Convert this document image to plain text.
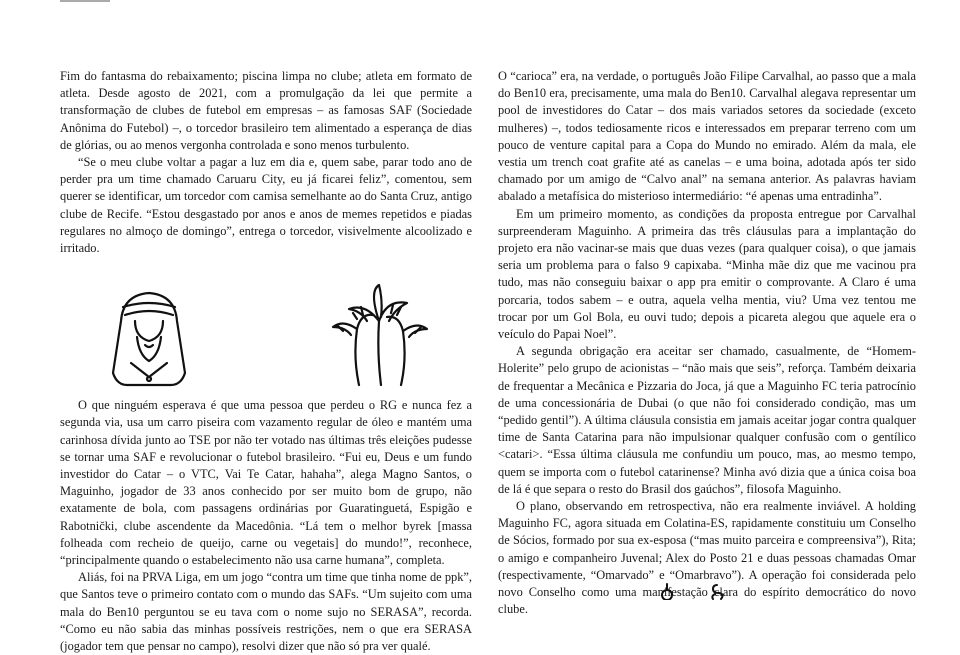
Fim do fantasma do rebaixamento; piscina limpa no clube; atleta em formato de atleta. Desde agosto de 2021, com a promulgação da lei que permite a transformação de clubes de futebol em empresas – as famosas SAF (Sociedade Anônima do Futebol) –, o torcedor brasileiro tem alimentado a esperança de dias de glórias, ou ao menos vergonha controlada e sono menos turbulento.

“Se o meu clube voltar a pagar a luz em dia e, quem sabe, parar todo ano de perder pra um time chamado Caruaru City, eu já ficarei feliz”, comentou, sem querer se identificar, um torcedor com camisa semelhante ao do Santa Cruz, antigo clube de Recife. “Estou desgastado por anos e anos de memes repetidos e piadas regulares no almoço de domingo”, entrega o torcedor, visivelmente alcoolizado e irritado.

O que ninguém esperava é que uma pessoa que perdeu o RG e nunca fez a segunda via, usa um carro piseira com vazamento regular de óleo e mantém uma carinhosa dívida junto ao TSE por não ter votado nas últimas três eleições pudesse se tornar uma SAF e revolucionar o futebol brasileiro. “Fui eu, Deus e um fundo investidor do Catar – o VTC, Vai Te Catar, hahaha”, alega Magno Santos, o Maguinho, jogador de 33 anos conhecido por ser muito bom de grupo, não exatamente de bola, com passagens ordinárias por Guaratinguetá, Espigão e Rabotnički, clube ascendente da Macedônia. “Lá tem o melhor byrek [massa folheada com recheio de queijo, carne ou vegetais] do mundo!”, reconhece, “principalmente quando o estabelecimento não usa carne humana”, completa.

Aliás, foi na PRVA Liga, em um jogo “contra um time que tinha nome de ppk”, que Santos teve o primeiro contato com o mundo das SAFs. “Um sujeito com uma mala do Ben10 perguntou se eu tava com o nome sujo no SERASA”, recorda. “Como eu não sabia das minhas possíveis restrições, nem o que era SERASA (jogador tem que pensar no campo), resolvi dizer que não só pra ver qualé.

O “carioca” era, na verdade, o português João Filipe Carvalhal, ao passo que a mala do Ben10 era, precisamente, uma mala do Ben10. Carvalhal alegava representar um pool de investidores do Catar – dos mais variados setores da sociedade (exceto mulheres) –, todos tediosamente ricos e interessados em preparar terreno com um pouco de venture capital para a Copa do Mundo no emirado. Além da mala, ele vestia um trench coat grafite até as canelas – e uma boina, adotada após ter sido chamado por um amigo de “Calvo anal” na semana anterior. As palavras haviam abalado a metafísica do misterioso intermediário: “é apenas uma entradinha”.

Em um primeiro momento, as condições da proposta entregue por Carvalhal surpreenderam Maguinho. A primeira das três cláusulas para a implantação do projeto era não vacinar-se mais que duas vezes (para qualquer coisa), o que jamais seria um problema para o falso 9 capixaba. “Minha mãe diz que me vacinou pra tudo, mas não conseguiu baixar o app pra emitir o comprovante. A Claro é uma porcaria, todos sabem – e outra, aquela velha mentia, viu? Uma vez tentou me trocar por um Gol Bola, eu ouvi tudo; depois a picareta alegou que aquele era o veículo do Papai Noel”.

A segunda obrigação era aceitar ser chamado, casualmente, de “Homem-Holerite” pelo grupo de acionistas – “não mais que seis”, reforça. Também deixaria de frequentar a Mecânica e Pizzaria do Joca, já que a Maguinho FC teria patrocínio de uma concessionária de Dubai (o que não foi considerado condição, mas um “pedido gentil”). A última cláusula consistia em jamais aceitar jogar contra qualquer time de Santa Catarina para não impulsionar qualquer confusão com o gentílico <catari>. “Essa última cláusula me confundiu um pouco, mas, ao mesmo tempo, quem se importa com o futebol catarinense? Minha avó dizia que a única coisa boa de lá é que separa o resto do Brasil dos gaúchos”, filosofa Maguinho.

O plano, observando em retrospectiva, não era realmente inviável. A holding Maguinho FC, agora situada em Colatina-ES, rapidamente constituiu um Conselho de Sócios, formado por sua ex-esposa (“mas muito parceira e compreensiva”), Rita; o amigo e companheiro Juvenal; Alex do Posto 21 e duas pessoas chamadas Omar (respectivamente, “Omarvado” e “Omarbravo”). A operação foi considerada pelo novo Conselho como uma manifestação clara do espírito democrático do novo clube.
